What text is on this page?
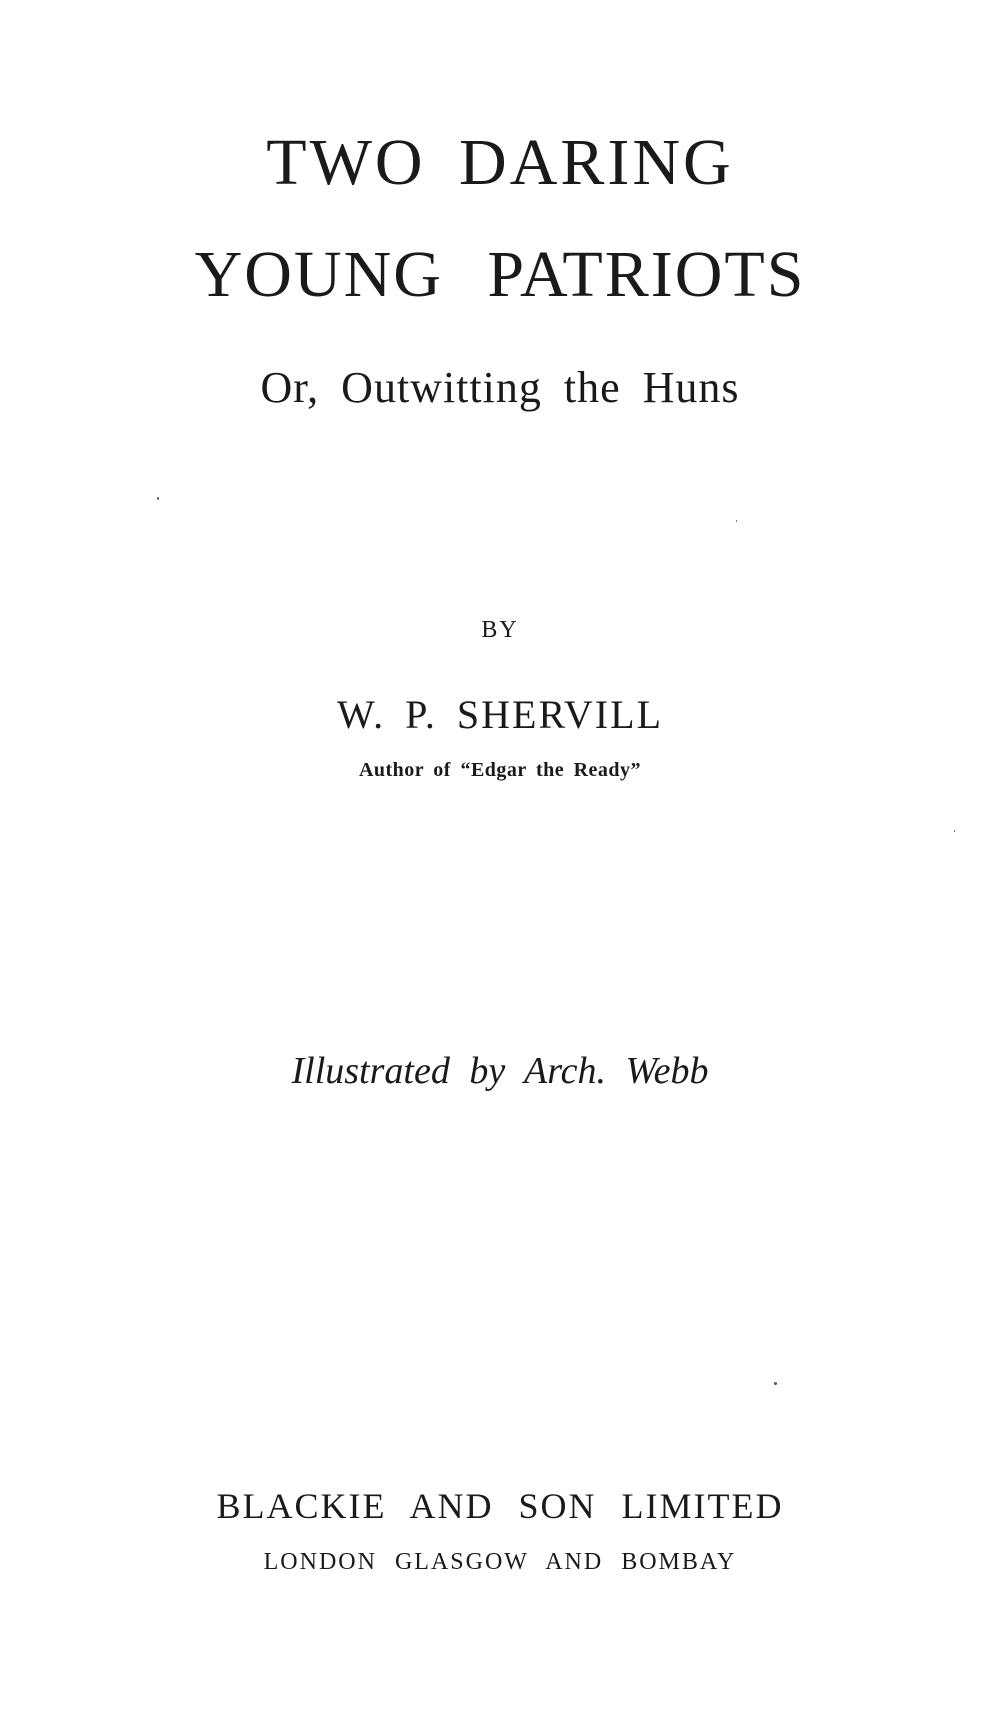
TWO DARING
YOUNG PATRIOTS
Or, Outwitting the Huns
BY
W. P. SHERVILL
Author of “Edgar the Ready”
Illustrated by Arch. Webb
BLACKIE AND SON LIMITED
LONDON GLASGOW AND BOMBAY
